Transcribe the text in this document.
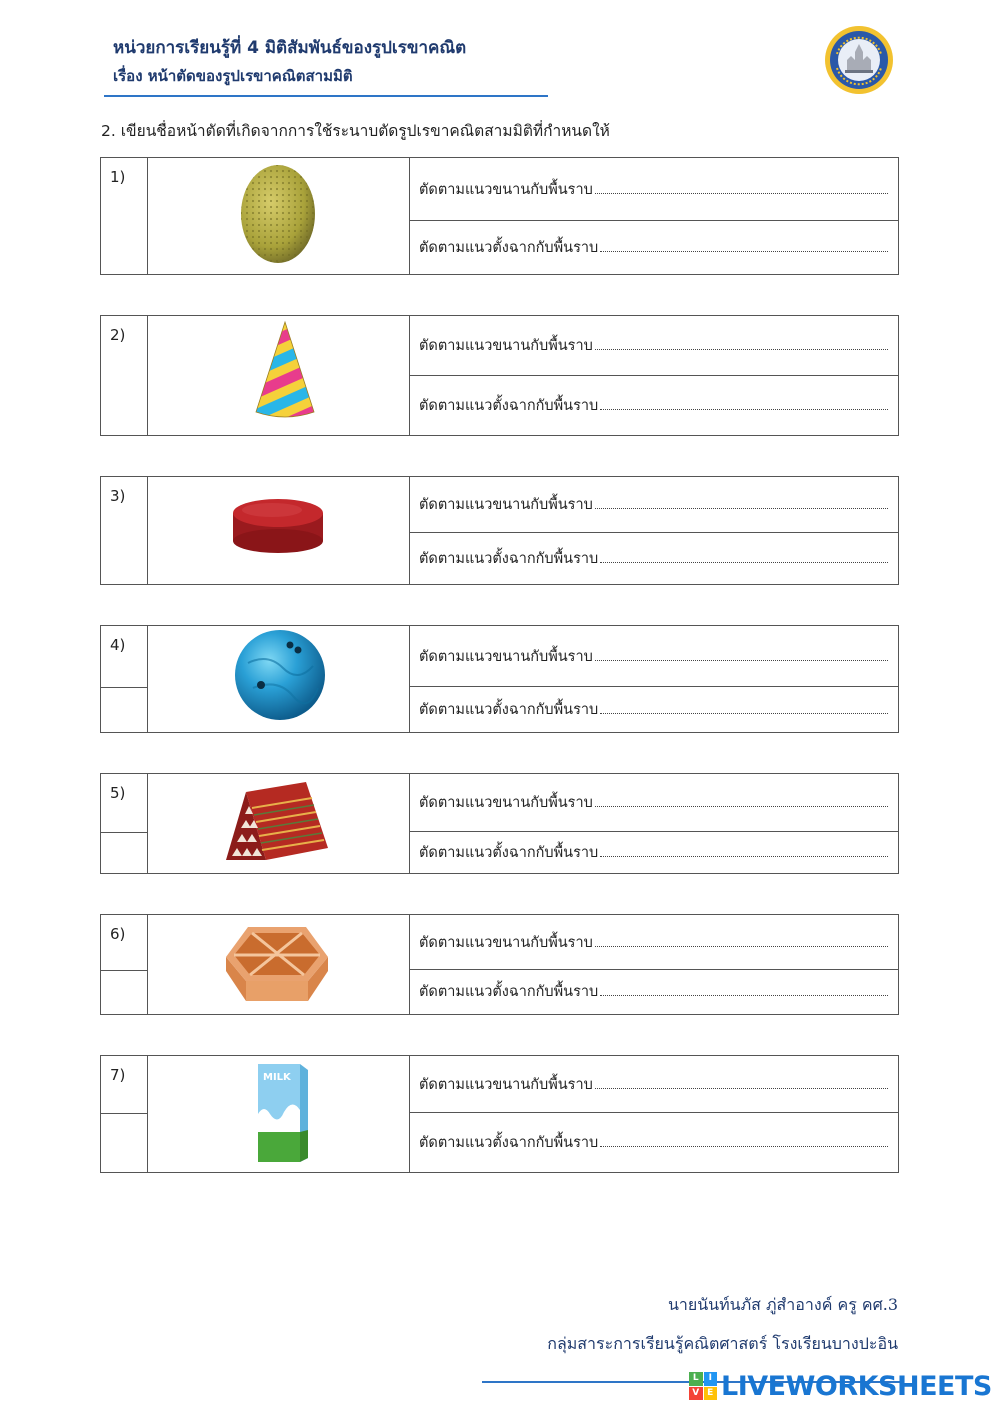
หน่วยการเรียนรู้ที่ 4 มิติสัมพันธ์ของรูปเรขาคณิต
เรื่อง หน้าตัดของรูปเรขาคณิตสามมิติ
2. เขียนชื่อหน้าตัดที่เกิดจากการใช้ระนาบตัดรูปเรขาคณิตสามมิติที่กำหนดให้
1)
ตัดตามแนวขนานกับพื้นราบ
ตัดตามแนวตั้งฉากกับพื้นราบ
2)
ตัดตามแนวขนานกับพื้นราบ
ตัดตามแนวตั้งฉากกับพื้นราบ
3)	ตัดตามแนวขนานกับพื้นราบ
ตัดตามแนวตั้งฉากกับพื้นราบ
4)
ตัดตามแนวขนานกับพื้นราบ
ตัดตามแนวตั้งฉากกับพื้นราบ
5)
ตัดตามแนวขนานกับพื้นราบ
ตัดตามแนวตั้งฉากกับพื้นราบ
6)	ตัดตามแนวขนานกับพื้นราบ
ตัดตามแนวตั้งฉากกับพื้นราบ
7)	MILK	ตัดตามแนวขนานกับพื้นราบ
ตัดตามแนวตั้งฉากกับพื้นราบ
นายนันท์นภัส ภู่สำอางค์ ครู คศ.3
กลุ่มสาระการเรียนรู้คณิตศาสตร์ โรงเรียนบางปะอิน
L	I
V E LIVEWORKSHEETS
